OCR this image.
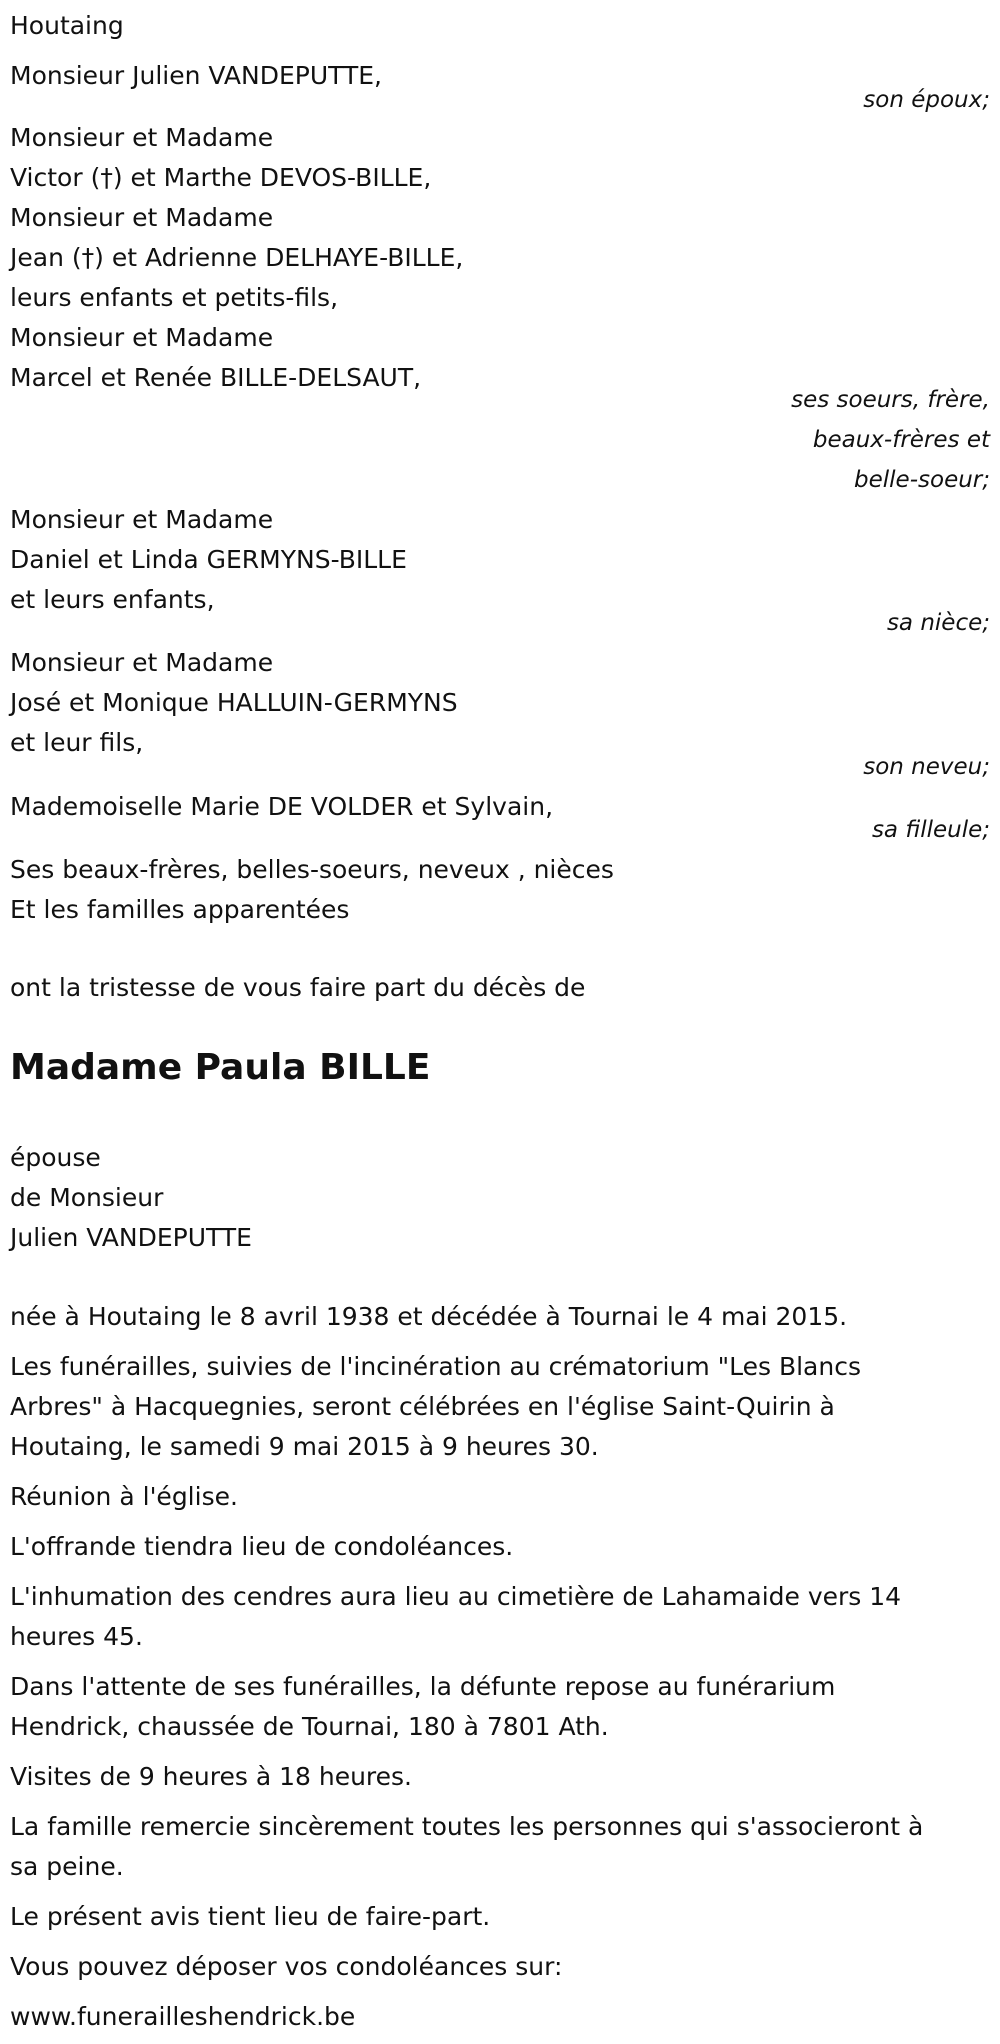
Houtaing
Monsieur Julien VANDEPUTTE,
son époux;
Monsieur et Madame
Victor (†) et Marthe DEVOS-BILLE,
Monsieur et Madame
Jean (†) et Adrienne DELHAYE-BILLE,
leurs enfants et petits-fils,
Monsieur et Madame
Marcel et Renée BILLE-DELSAUT,
ses soeurs, frère,
beaux-frères et
belle-soeur;
Monsieur et Madame
Daniel et Linda GERMYNS-BILLE
et leurs enfants,
sa nièce;
Monsieur et Madame
José et Monique HALLUIN-GERMYNS
et leur fils,
son neveu;
Mademoiselle Marie DE VOLDER et Sylvain,
sa filleule;
Ses beaux-frères, belles-soeurs, neveux , nièces
Et les familles apparentées
ont la tristesse de vous faire part du décès de
Madame Paula BILLE
épouse
de Monsieur
Julien VANDEPUTTE
née à Houtaing le 8 avril 1938 et décédée à Tournai le 4 mai 2015.
Les funérailles, suivies de l'incinération au crématorium "Les Blancs
Arbres" à Hacquegnies, seront célébrées en l'église Saint-Quirin à
Houtaing, le samedi 9 mai 2015 à 9 heures 30.
Réunion à l'église.
L'offrande tiendra lieu de condoléances.
L'inhumation des cendres aura lieu au cimetière de Lahamaide vers 14
heures 45.
Dans l'attente de ses funérailles, la défunte repose au funérarium
Hendrick, chaussée de Tournai, 180 à 7801 Ath.
Visites de 9 heures à 18 heures.
La famille remercie sincèrement toutes les personnes qui s'associeront à
sa peine.
Le présent avis tient lieu de faire-part.
Vous pouvez déposer vos condoléances sur:
www.funerailleshendrick.be
